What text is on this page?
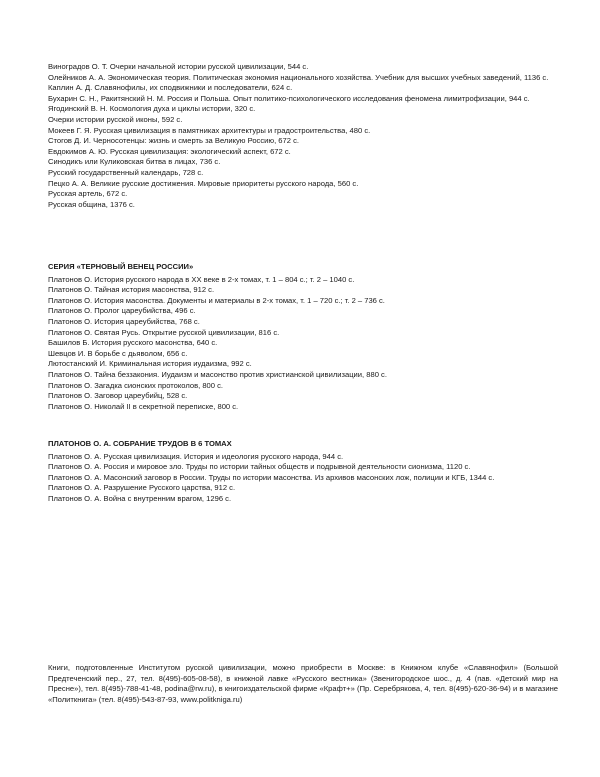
Виноградов О. Т. Очерки начальной истории русской цивилизации, 544 с.
Олейников А. А. Экономическая теория. Политическая экономия национального хозяйства. Учебник для высших учебных заведений, 1136 с.
Каплин А. Д. Славянофилы, их сподвижники и последователи, 624 с.
Бухарин С. Н., Ракитянский Н. М. Россия и Польша. Опыт политико-психологического исследования феномена лимитрофизации, 944 с.
Ягодинский В. Н. Космология духа и циклы истории, 320 с.
Очерки истории русской иконы, 592 с.
Мокеев Г. Я. Русская цивилизация в памятниках архитектуры и градостроительства, 480 с.
Стогов Д. И. Черносотенцы: жизнь и смерть за Великую Россию, 672 с.
Евдокимов А. Ю. Русская цивилизация: экологический аспект, 672 с.
Синодикъ или Куликовская битва в лицах, 736 с.
Русский государственный календарь, 728 с.
Пецко А. А. Великие русские достижения. Мировые приоритеты русского народа, 560 с.
Русская артель, 672 с.
Русская община, 1376 с.
СЕРИЯ «ТЕРНОВЫЙ ВЕНЕЦ РОССИИ»
Платонов О. История русского народа в XX веке в 2-х томах, т. 1 – 804 с.; т. 2 – 1040 с.
Платонов О. Тайная история масонства, 912 с.
Платонов О. История масонства. Документы и материалы в 2-х томах, т. 1 – 720 с.; т. 2 – 736 с.
Платонов О. Пролог цареубийства, 496 с.
Платонов О. История цареубийства, 768 с.
Платонов О. Святая Русь. Открытие русской цивилизации, 816 с.
Башилов Б. История русского масонства, 640 с.
Шевцов И. В борьбе с дьяволом, 656 с.
Лютостанский И. Криминальная история иудаизма, 992 с.
Платонов О. Тайна беззакония. Иудаизм и масонство против христианской цивилизации, 880 с.
Платонов О. Загадка сионских протоколов, 800 с.
Платонов О. Заговор цареубийц, 528 с.
Платонов О. Николай II в секретной переписке, 800 с.
ПЛАТОНОВ О. А. СОБРАНИЕ ТРУДОВ В 6 ТОМАХ
Платонов О. А. Русская цивилизация. История и идеология русского народа, 944 с.
Платонов О. А. Россия и мировое зло. Труды по истории тайных обществ и подрывной деятельности сионизма, 1120 с.
Платонов О. А. Масонский заговор в России. Труды по истории масонства. Из архивов масонских лож, полиции и КГБ, 1344 с.
Платонов О. А. Разрушение Русского царства, 912 с.
Платонов О. А. Война с внутренним врагом, 1296 с.
Книги, подготовленные Институтом русской цивилизации, можно приобрести в Москве: в Книжном клубе «Славянофил» (Большой Предтеченский пер., 27, тел. 8(495)-605-08-58), в книжной лавке «Русского вестника» (Звенигородское шос., д. 4 (пав. «Детский мир на Пресне»), тел. 8(495)-788-41-48, podina@rw.ru), в книгоиздательской фирме «Крафт+» (Пр. Серебрякова, 4, тел. 8(495)-620-36-94) и в магазине «Политкнига» (тел. 8(495)-543-87-93, www.politkniga.ru)
